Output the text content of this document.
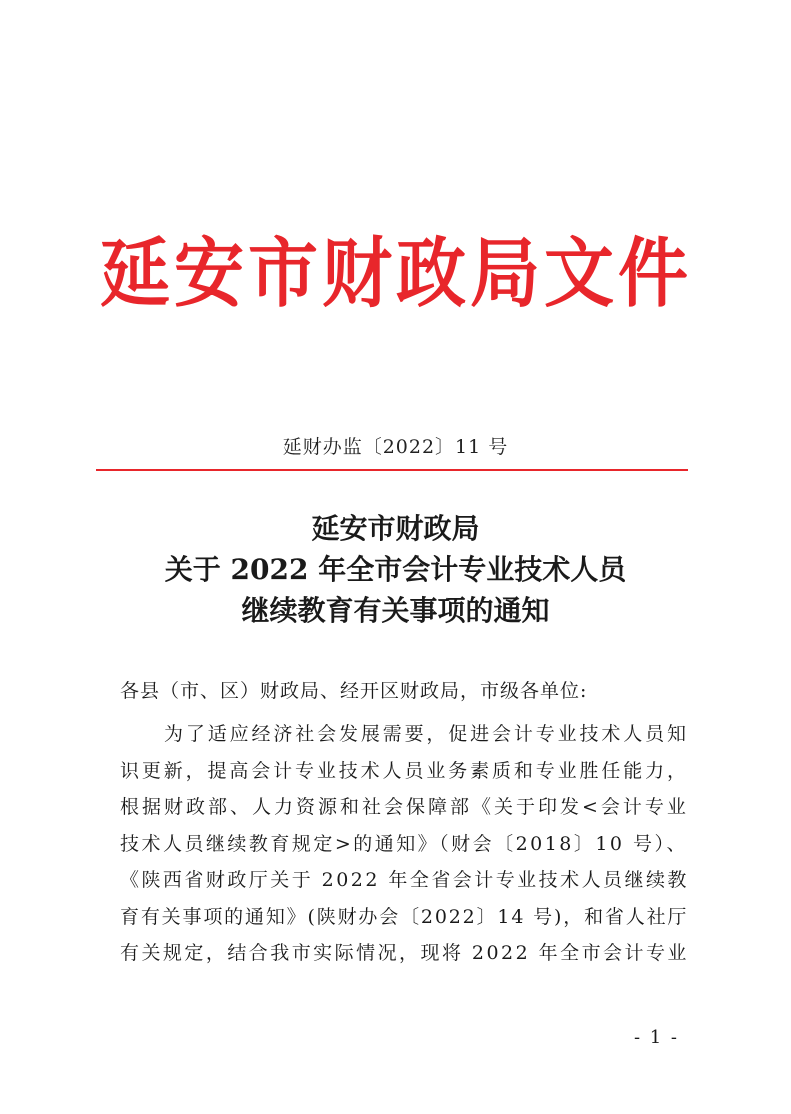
延安市财政局文件
延财办监〔2022〕11 号
延安市财政局
关于 2022 年全市会计专业技术人员
继续教育有关事项的通知
各县（市、区）财政局、经开区财政局，市级各单位:
为了适应经济社会发展需要，促进会计专业技术人员知
识更新，提高会计专业技术人员业务素质和专业胜任能力，
根据财政部、人力资源和社会保障部《关于印发<会计专业
技术人员继续教育规定>的通知》（财会〔2018〕10 号）、
《陕西省财政厅关于 2022 年全省会计专业技术人员继续教
育有关事项的通知》(陕财办会〔2022〕14 号)，和省人社厅
有关规定，结合我市实际情况，现将 2022 年全市会计专业
- 1 -
